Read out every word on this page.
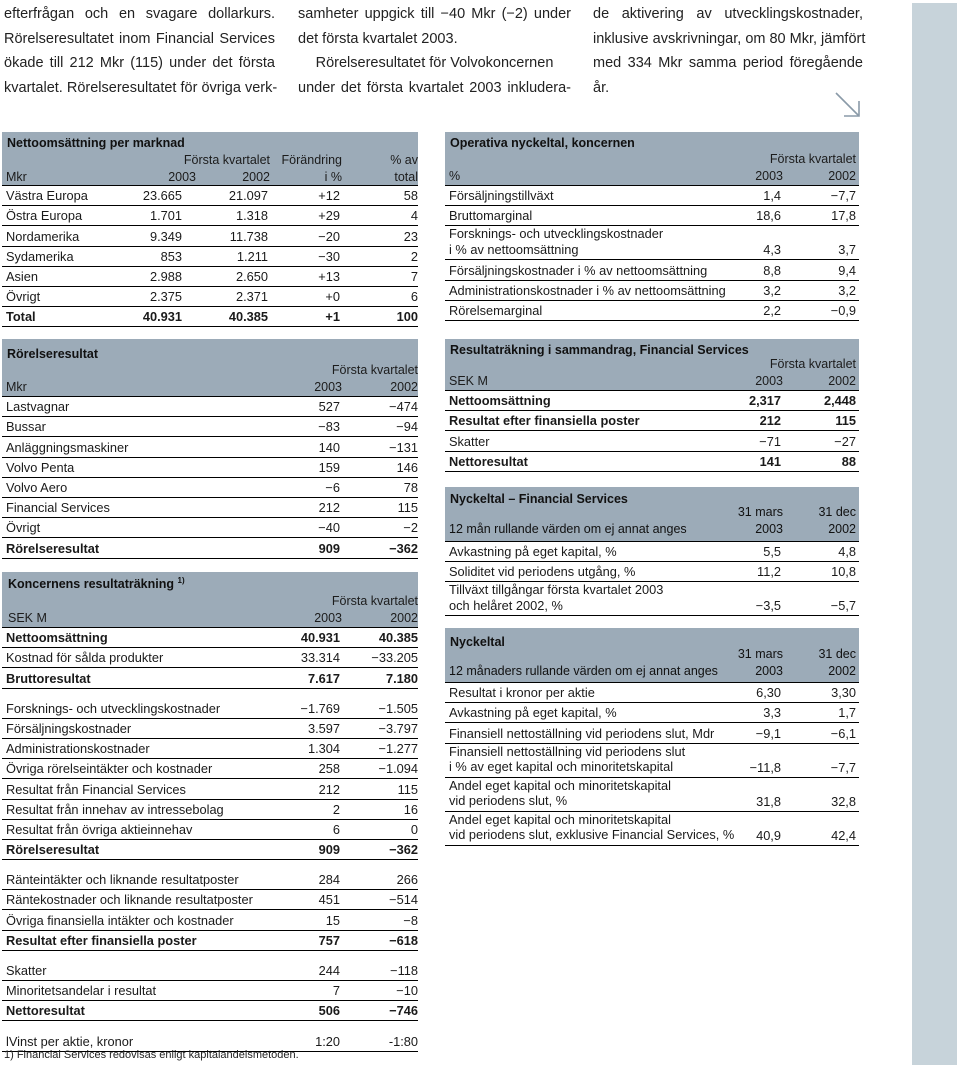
efterfrågan och en svagare dollarkurs.
Rörelseresultatet inom Financial Services
ökade till 212 Mkr (115) under det första
kvartalet. Rörelseresultatet för övriga verk-
samheter uppgick till −40 Mkr (−2) under
det första kvartalet 2003.
Rörelseresultatet för Volvokoncernen
under det första kvartalet 2003 inkludera-
de aktivering av utvecklingskostnader,
inklusive avskrivningar, om 80 Mkr, jämfört
med 334 Mkr samma period föregående
år.
Nettoomsättning per marknad
Första kvartalet Förändring	% av
Mkr	2003	2002	i %	total
Västra Europa	23.665	21.097	+12	58
Östra Europa	1.701	1.318	+29	4
Nordamerika	9.349	11.738	−20	23
Sydamerika	853	1.211	−30	2
Asien	2.988	2.650	+13	7
Övrigt	2.375	2.371	+0	6
Total	40.931	40.385	+1	100
Rörelseresultat
Första kvartalet
Mkr	2003	2002
Lastvagnar	527	−474
Bussar	−83	−94
Anläggningsmaskiner	140	−131
Volvo Penta	159	146
Volvo Aero	−6	78
Financial Services	212	115
Övrigt	−40	−2
Rörelseresultat	909	−362
Koncernens resultaträkning $^{1)}$
Första kvartalet
SEK M	2003	2002
Nettoomsättning	40.931	40.385
Kostnad för sålda produkter	33.314 −33.205
Bruttoresultat	7.617	7.180
Forsknings- och utvecklingskostnader	−1.769	−1.505
Försäljningskostnader	3.597	−3.797
Administrationskostnader	1.304	−1.277
Övriga rörelseintäkter och kostnader	258	−1.094
Resultat från Financial Services	212	115
Resultat från innehav av intressebolag	2	16
Resultat från övriga aktieinnehav	6	0
Rörelseresultat	909	−362
Ränteintäkter och liknande resultatposter	284	266
Räntekostnader och liknande resultatposter	451	−514
Övriga finansiella intäkter och kostnader	15	−8
Resultat efter finansiella poster	757	−618
Skatter	244	−118
Minoritetsandelar i resultat	7	−10
Nettoresultat	506	−746
lVinst per aktie, kronor	1:20	-1:80
1) Financial Services redovisas enligt kapitalandelsmetoden.
Operativa nyckeltal, koncernen
Första kvartalet
%	2003	2002
Försäljningstillväxt	1,4	−7,7
Bruttomarginal	18,6	17,8
Forsknings- och utvecklingskostnader
i % av nettoomsättning	4,3	3,7
Försäljningskostnader i % av nettoomsättning	8,8	9,4
Administrationskostnader i % av nettoomsättning	3,2	3,2
Rörelsemarginal	2,2	−0,9
Resultaträkning i sammandrag, Financial Services
Första kvartalet
SEK M	2003	2002
Nettoomsättning	2,317	2,448
Resultat efter finansiella poster	212	115
Skatter	−71	−27
Nettoresultat	141	88
Nyckeltal – Financial Services
31 mars	31 dec
12 mån rullande värden om ej annat anges	2003	2002
Avkastning på eget kapital, %	5,5	4,8
Soliditet vid periodens utgång, %	11,2	10,8
Tillväxt tillgångar första kvartalet 2003
och helåret 2002, %	−3,5	−5,7
Nyckeltal
31 mars	31 dec
12 månaders rullande värden om ej annat anges	2003	2002
Resultat i kronor per aktie	6,30	3,30
Avkastning på eget kapital, %	3,3	1,7
Finansiell nettoställning vid periodens slut, Mdr	−9,1	−6,1
Finansiell nettoställning vid periodens slut
i % av eget kapital och minoritetskapital	−11,8	−7,7
Andel eget kapital och minoritetskapital
vid periodens slut, %	31,8	32,8
Andel eget kapital och minoritetskapital
vid periodens slut, exklusive Financial Services, % 40,9	42,4
